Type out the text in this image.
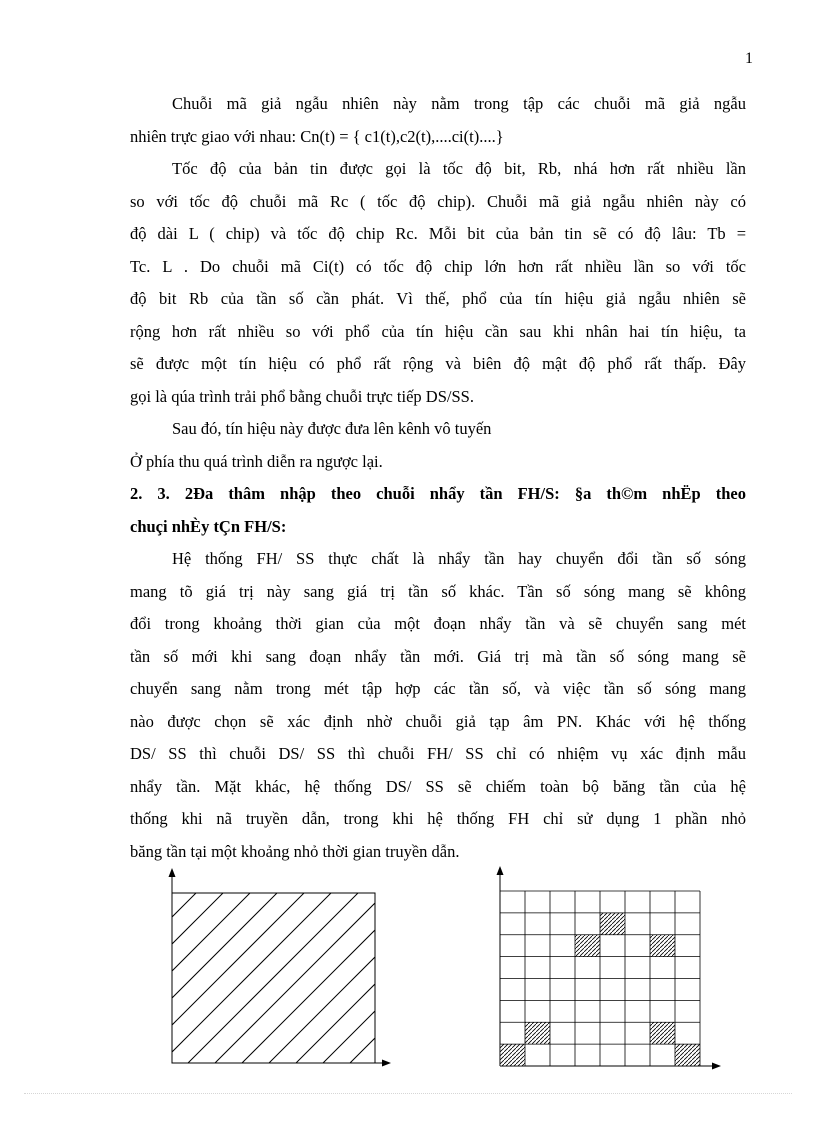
1
Chuỗi mã giả ngẫu nhiên này nằm trong tập các chuỗi mã giả ngẫu
nhiên trực giao với nhau: Cn(t) = { c1(t),c2(t),....ci(t)....}
Tốc độ của bản tin được gọi là tốc độ bit, Rb, nhá hơn rất nhiều lần
so với tốc độ chuỗi mã Rc ( tốc độ chip). Chuỗi mã giả ngẫu nhiên này có
độ dài L ( chip) và tốc độ chip Rc. Mỗi bit của bản tin sẽ có độ lâu: Tb =
Tc. L . Do chuỗi mã Ci(t) có tốc độ chip lớn hơn rất nhiều lần so với tốc
độ bit Rb của tần số cần phát. Vì thế, phổ của tín hiệu giả ngẫu nhiên sẽ
rộng hơn rất nhiều so với phổ của tín hiệu cần sau khi nhân hai tín hiệu, ta
sẽ được một tín hiệu có phổ rất rộng và biên độ mật độ phổ rất thấp. Đây
gọi là qúa trình trải phổ bằng chuỗi trực tiếp DS/SS.
Sau đó, tín hiệu này được đưa lên kênh vô tuyến
Ở phía thu quá trình diễn ra ngược lại.
2. 3. 2Đa thâm nhập theo chuỗi nhẩy tần FH/S: §a th©m nhËp theo
chuçi nhÈy tÇn FH/S:
Hệ thống FH/ SS thực chất là nhẩy tần hay chuyển đổi tần số sóng
mang tõ giá trị này sang giá trị tần số khác. Tần số sóng mang sẽ không
đổi trong khoảng thời gian của một đoạn nhẩy tần và sẽ chuyển sang mét
tần số mới khi sang đoạn nhẩy tần mới. Giá trị mà tần số sóng mang sẽ
chuyển sang nằm trong mét tập hợp các tần số, và việc tần số sóng mang
nào được chọn sẽ xác định nhờ chuỗi giả tạp âm PN. Khác với hệ thống
DS/ SS thì chuỗi DS/ SS thì chuỗi FH/ SS chỉ có nhiệm vụ xác định mẫu
nhẩy tần. Mặt khác, hệ thống DS/ SS sẽ chiếm toàn bộ băng tần của hệ
thống khi nã truyền dẫn, trong khi hệ thống FH chỉ sử dụng 1 phần nhỏ
băng tần tại một khoảng nhỏ thời gian truyền dẫn.
